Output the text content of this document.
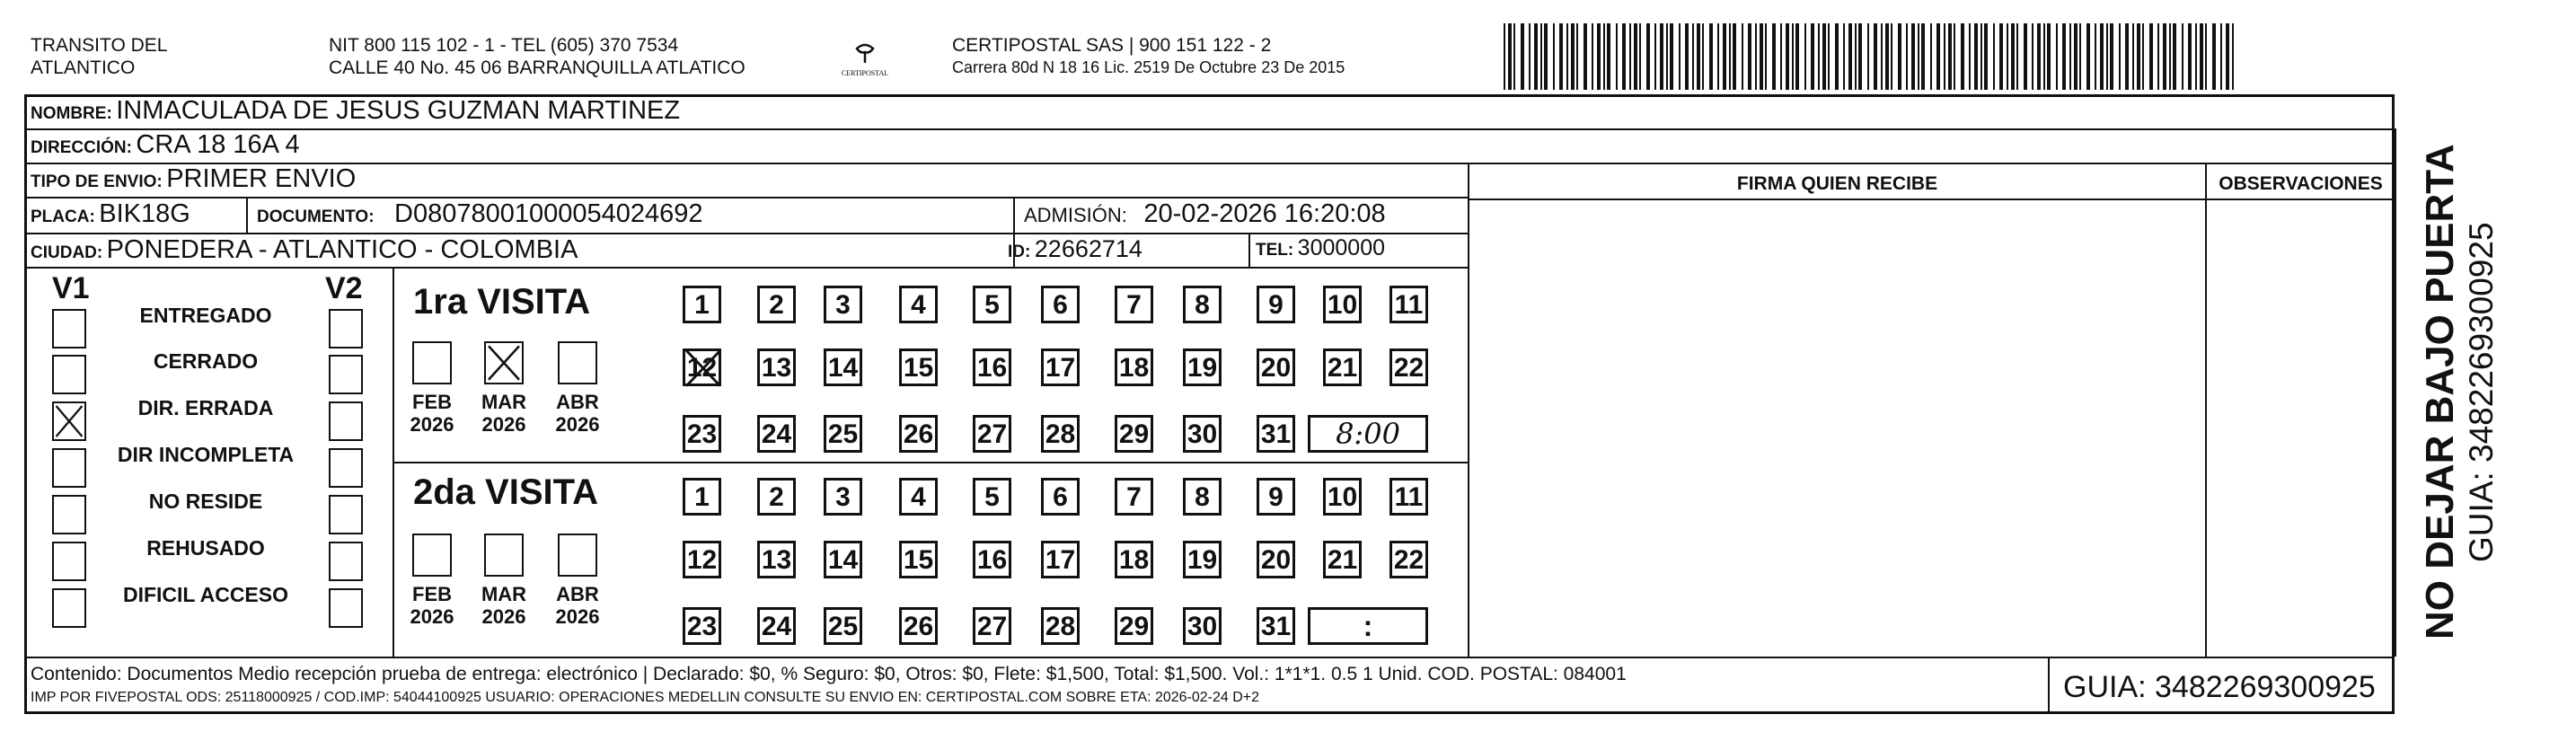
TRANSITO DEL
ATLANTICO
NIT 800 115 102 - 1 - TEL (605) 370 7534
CALLE 40 No. 45 06 BARRANQUILLA ATLATICO	CERTIPOSTAL
CERTIPOSTAL SAS | 900 151 122 - 2
Carrera 80d N 18 16 Lic. 2519 De Octubre 23 De 2015
NOMBRE: INMACULADA DE JESUS GUZMAN MARTINEZ
DIRECCIÓN: CRA 18 16A 4
TIPO DE ENVIO: PRIMER ENVIO
PLACA: BIK18G	DOCUMENTO: D08078001000054024692	ADMISIÓN: 20-02-2026 16:20:08
CIUDAD: PONEDERA - ATLANTICO - COLOMBIA	ID: 22662714	TEL: 3000000
FIRMA QUIEN RECIBE	OBSERVACIONES
V1	V2
ENTREGADO
CERRADO
DIR. ERRADA
DIR INCOMPLETA
NO RESIDE
REHUSADO
DIFICIL ACCESO
1ra VISITA
2da VISITA
FEB
2026
MAR
2026
ABR
2026
1	2	3	4	5	6	7	8	9	10 11
12 13 14 15 16 17 18 19 20 21 22
23 24 25 26 27 28 29 30 31	8:00
FEB
2026
MAR
2026
ABR
2026
1	2	3	4	5	6	7	8	9	10 11
12 13 14 15 16 17 18 19 20 21 22
23 24 25 26 27 28 29 30 31	:
Contenido: Documentos Medio recepción prueba de entrega: electrónico | Declarado: $0, % Seguro: $0, Otros: $0, Flete: $1,500, Total: $1,500. Vol.: 1*1*1. 0.5 1 Unid. COD. POSTAL: 084001
IMP POR FIVEPOSTAL ODS: 25118000925 / COD.IMP: 54044100925 USUARIO: OPERACIONES MEDELLIN CONSULTE SU ENVIO EN: CERTIPOSTAL.COM SOBRE ETA: 2026-02-24 D+2	GUIA: 3482269300925
NO DEJAR BAJO PUERTA GUIA: 3482269300925
